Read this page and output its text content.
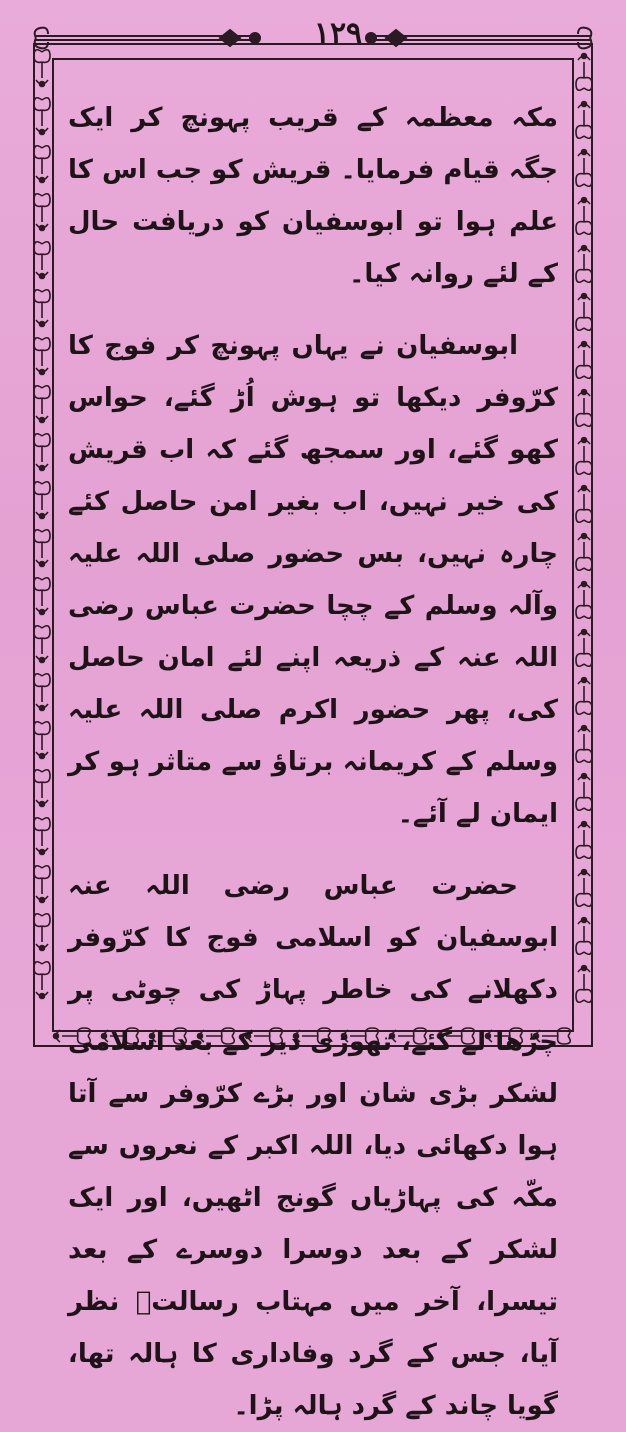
۱۲۹

مکہ معظمہ کے قریب پہونچ کر ایک جگہ قیام فرمایا۔ قریش کو جب اس کا علم ہوا تو ابوسفیان کو دریافت حال کے لئے روانہ کیا۔

ابوسفیان نے یہاں پہونچ کر فوج کا کرّوفر دیکھا تو ہوش اُڑ گئے، حواس کھو گئے، اور سمجھ گئے کہ اب قریش کی خیر نہیں، اب بغیر امن حاصل کئے چارہ نہیں، بس حضور صلی اللہ علیہ وآلہ وسلم کے چچا حضرت عباس رضی اللہ عنہ کے ذریعہ اپنے لئے امان حاصل کی، پھر حضور اکرم صلی اللہ علیہ وسلم کے کریمانہ برتاؤ سے متاثر ہو کر ایمان لے آئے۔

حضرت عباس رضی اللہ عنہ ابوسفیان کو اسلامی فوج کا کرّوفر دکھلانے کی خاطر پہاڑ کی چوٹی پر چڑھا لے گئے، تھوڑی دیر کے بعد اسلامی لشکر بڑی شان اور بڑے کرّوفر سے آتا ہوا دکھائی دیا، اللہ اکبر کے نعروں سے مکّہ کی پہاڑیاں گونج اٹھیں، اور ایک لشکر کے بعد دوسرا دوسرے کے بعد تیسرا، آخر میں مہتاب رسالتؐ نظر آیا، جس کے گرد وفاداری کا ہالہ تھا، گویا چاند کے گرد ہالہ پڑا۔
